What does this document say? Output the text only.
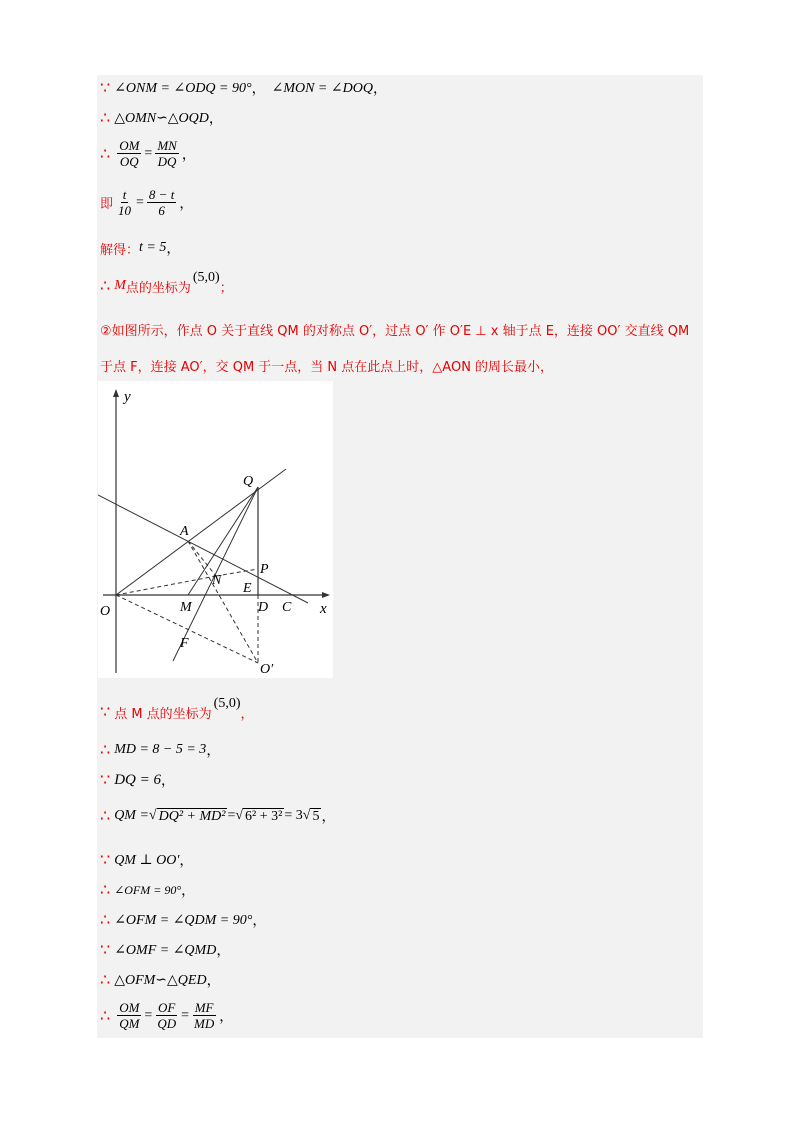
∵ ∠ONM = ∠ODQ = 90° ， ∠MON = ∠DOQ ，
∴ △OMN∽△OQD ，
∴ $\frac{OM}{OQ} = \frac{MN}{DQ}$ ，
即 $\frac{t}{10} = \frac{8 - t}{6}$ ，
解得： t = 5 ，
∴ M 点的坐标为
(5,0)
；
②如图所示，作点 O 关于直线 QM 的对称点 O′，过点 O′ 作 O′E ⊥ x 轴于点 E，连接 OO′ 交直线 QM
于点 F，连接 AO′，交 QM 于一点，当 N 点在此点上时，△AON 的周长最小，
y
x
O
Q
A
N
P
E
M	D C
F
O′
∵ 点 M 点的坐标为
(5,0)
，
∴ MD = 8 − 5 = 3 ，
∵ DQ = 6 ，
∴ QM = √ DQ² + MD² = √ 6² + 3² = 3 √ 5 ，
∵ QM ⊥ OO′ ，
∴ ∠OFM = 90° ，
∴ ∠OFM = ∠QDM = 90° ，
∵ ∠OMF = ∠QMD ，
∴ △OFM∽△QED ，
∴ $\frac{OM}{QM} = \frac{OF}{QD} = \frac{MF}{MD}$ ，
